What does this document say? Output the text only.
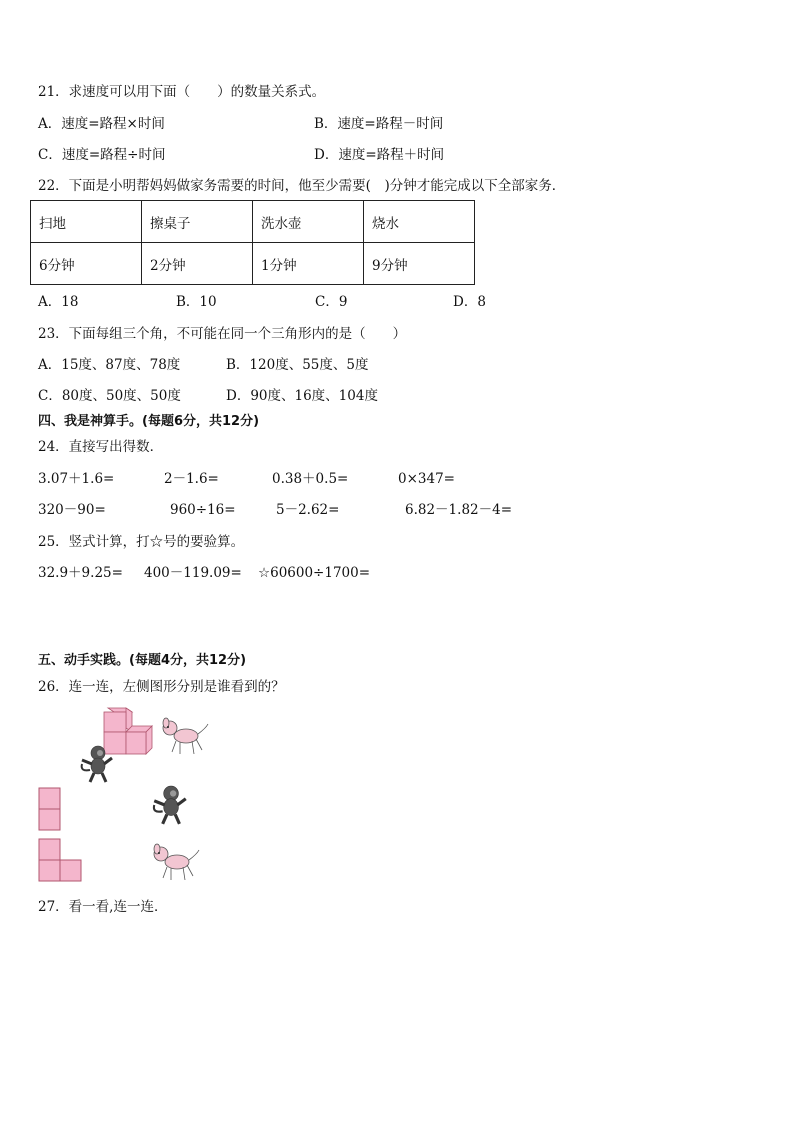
21．求速度可以用下面（　　）的数量关系式。
A．速度=路程×时间	B．速度=路程－时间
C．速度=路程÷时间	D．速度=路程＋时间
22．下面是小明帮妈妈做家务需要的时间，他至少需要(　)分钟才能完成以下全部家务．
扫地	擦桌子	洗水壶	烧水
6分钟	2分钟	1分钟	9分钟
A．18	B．10	C．9	D．8
23．下面每组三个角，不可能在同一个三角形内的是（　　）
A．15度、87度、78度	B．120度、55度、5度
C．80度、50度、50度	D．90度、16度、104度
四、我是神算手。(每题6分，共12分)
24．直接写出得数．
3.07＋1.6=	2－1.6=	0.38＋0.5=	0×347=
320－90=	960÷16=	5－2.62=	6.82－1.82－4=
25．竖式计算，打☆号的要验算。
32.9＋9.25= 400－119.09= ☆60600÷1700=
五、动手实践。(每题4分，共12分)
26．连一连，左侧图形分别是谁看到的？
27．看一看,连一连．
